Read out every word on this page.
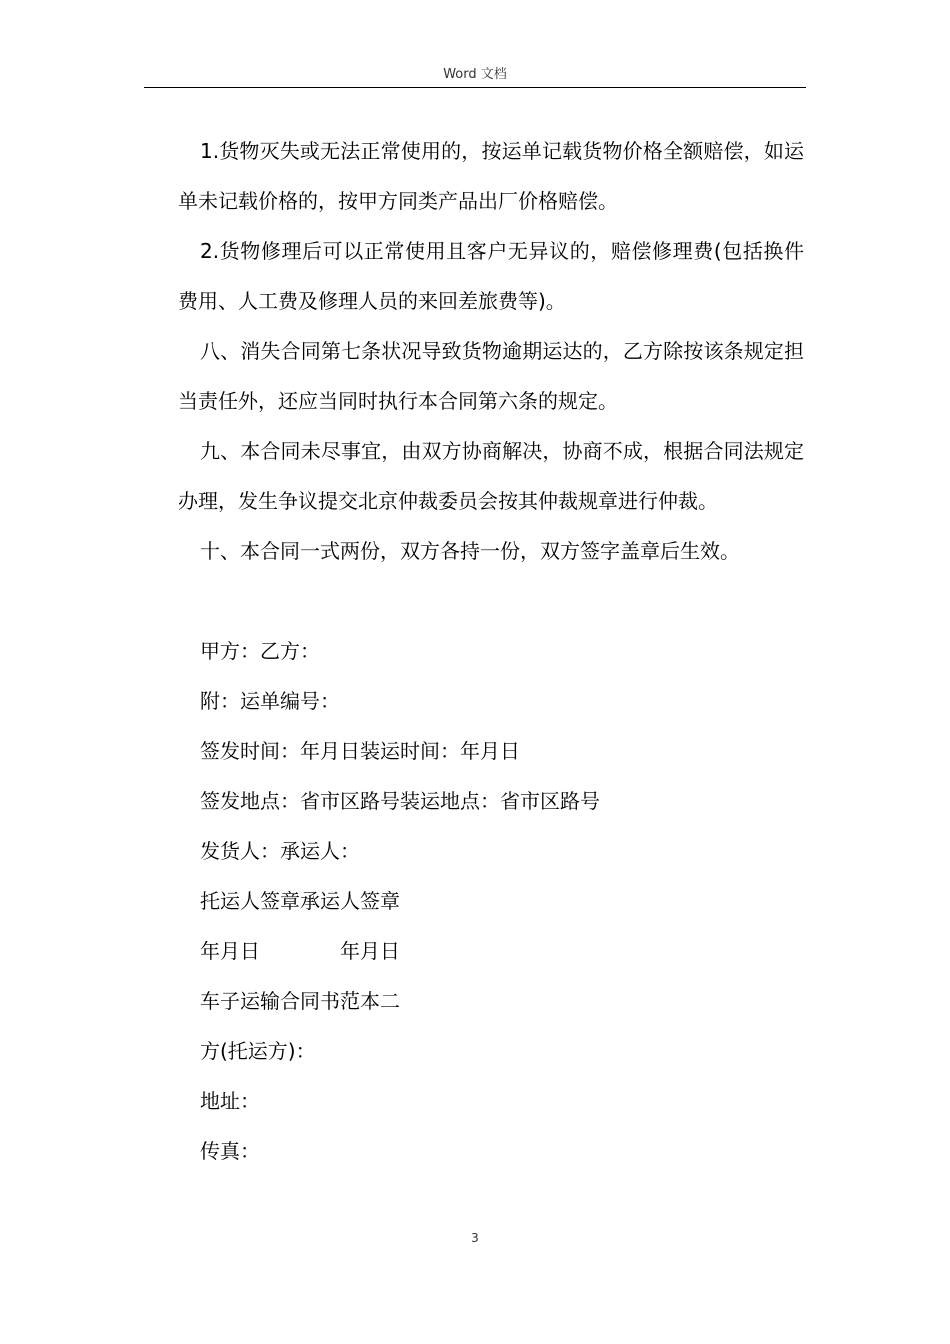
Word 文档

1.货物灭失或无法正常使用的，按运单记载货物价格全额赔偿，如运单未记载价格的，按甲方同类产品出厂价格赔偿。

2.货物修理后可以正常使用且客户无异议的，赔偿修理费(包括换件费用、人工费及修理人员的来回差旅费等)。

八、消失合同第七条状况导致货物逾期运达的，乙方除按该条规定担当责任外，还应当同时执行本合同第六条的规定。

九、本合同未尽事宜，由双方协商解决，协商不成，根据合同法规定办理，发生争议提交北京仲裁委员会按其仲裁规章进行仲裁。

十、本合同一式两份，双方各持一份，双方签字盖章后生效。

甲方：乙方：

附：运单编号：

签发时间：年月日装运时间：年月日

签发地点：省市区路号装运地点：省市区路号

发货人：承运人：

托运人签章承运人签章

年月日	年月日

车子运输合同书范本二

方(托运方)：

地址：

传真：

3
